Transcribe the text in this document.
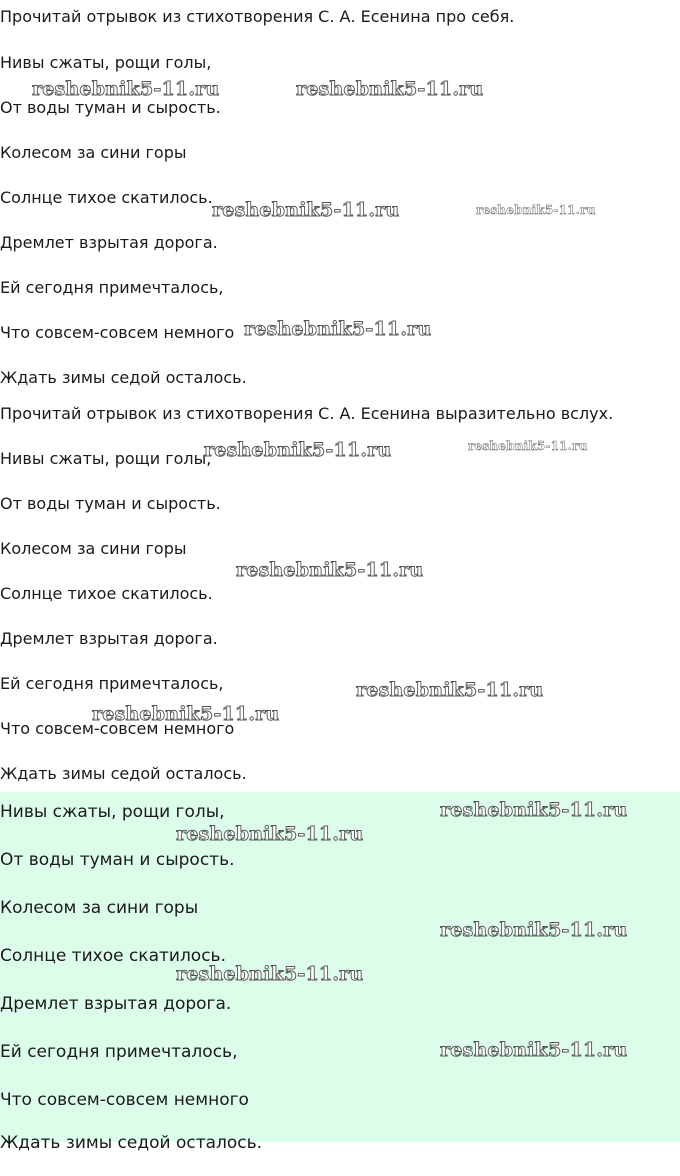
Прочитай отрывок из стихотворения С. А. Есенина про себя.

Нивы сжаты, рощи голы,

От воды туман и сырость.

Колесом за сини горы

Солнце тихое скатилось.

Дремлет взрытая дорога.

Ей сегодня примечталось,

Что совсем-совсем немного

Ждать зимы седой осталось.

Прочитай отрывок из стихотворения С. А. Есенина выразительно вслух.

Нивы сжаты, рощи голы,

От воды туман и сырость.

Колесом за сини горы

Солнце тихое скатилось.

Дремлет взрытая дорога.

Ей сегодня примечталось,

Что совсем-совсем немного

Ждать зимы седой осталось.

Нивы сжаты, рощи голы,

От воды туман и сырость.

Колесом за сини горы

Солнце тихое скатилось.

Дремлет взрытая дорога.

Ей сегодня примечталось,

Что совсем-совсем немного

Ждать зимы седой осталось.
reshebnik5-11.ru	reshebnik5-11.ru
reshebnik5-11.ru	reshebnik5-11.ru
reshebnik5-11.ru
reshebnik5-11.ru	reshebnik5-11.ru
reshebnik5-11.ru
reshebnik5-11.ru
reshebnik5-11.ru
reshebnik5-11.ru
reshebnik5-11.ru
reshebnik5-11.ru
reshebnik5-11.ru
reshebnik5-11.ru
